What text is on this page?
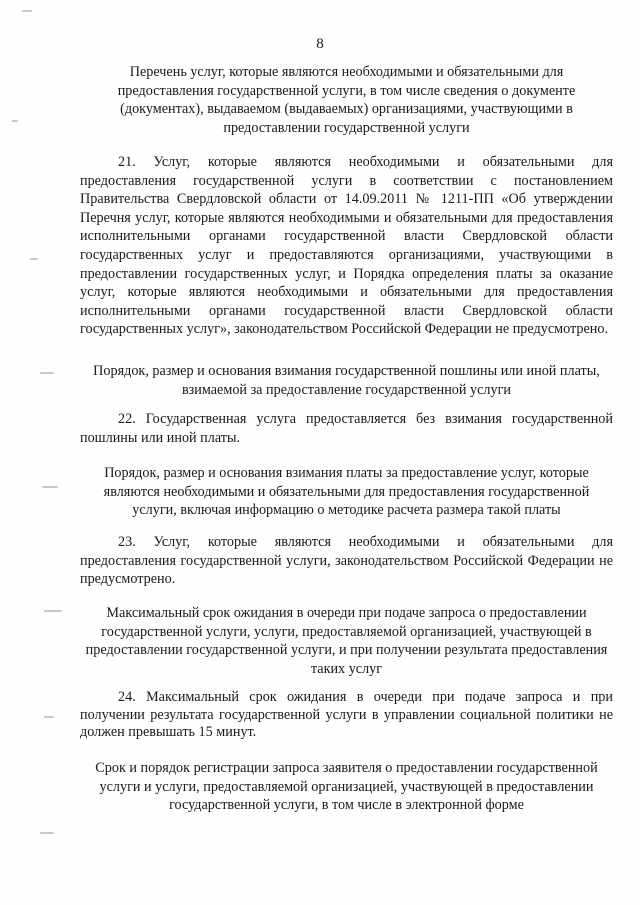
8
Перечень услуг, которые являются необходимыми и обязательными для предоставления государственной услуги, в том числе сведения о документе (документах), выдаваемом (выдаваемых) организациями, участвующими в предоставлении государственной услуги
21. Услуг, которые являются необходимыми и обязательными для предоставления государственной услуги в соответствии с постановлением Правительства Свердловской области от 14.09.2011 № 1211-ПП «Об утверждении Перечня услуг, которые являются необходимыми и обязательными для предоставления исполнительными органами государственной власти Свердловской области государственных услуг и предоставляются организациями, участвующими в предоставлении государственных услуг, и Порядка определения платы за оказание услуг, которые являются необходимыми и обязательными для предоставления исполнительными органами государственной власти Свердловской области государственных услуг», законодательством Российской Федерации не предусмотрено.
Порядок, размер и основания взимания государственной пошлины или иной платы, взимаемой за предоставление государственной услуги
22. Государственная услуга предоставляется без взимания государственной пошлины или иной платы.
Порядок, размер и основания взимания платы за предоставление услуг, которые являются необходимыми и обязательными для предоставления государственной услуги, включая информацию о методике расчета размера такой платы
23. Услуг, которые являются необходимыми и обязательными для предоставления государственной услуги, законодательством Российской Федерации не предусмотрено.
Максимальный срок ожидания в очереди при подаче запроса о предоставлении государственной услуги, услуги, предоставляемой организацией, участвующей в предоставлении государственной услуги, и при получении результата предоставления таких услуг
24. Максимальный срок ожидания в очереди при подаче запроса и при получении результата государственной услуги в управлении социальной политики не должен превышать 15 минут.
Срок и порядок регистрации запроса заявителя о предоставлении государственной услуги и услуги, предоставляемой организацией, участвующей в предоставлении государственной услуги, в том числе в электронной форме
